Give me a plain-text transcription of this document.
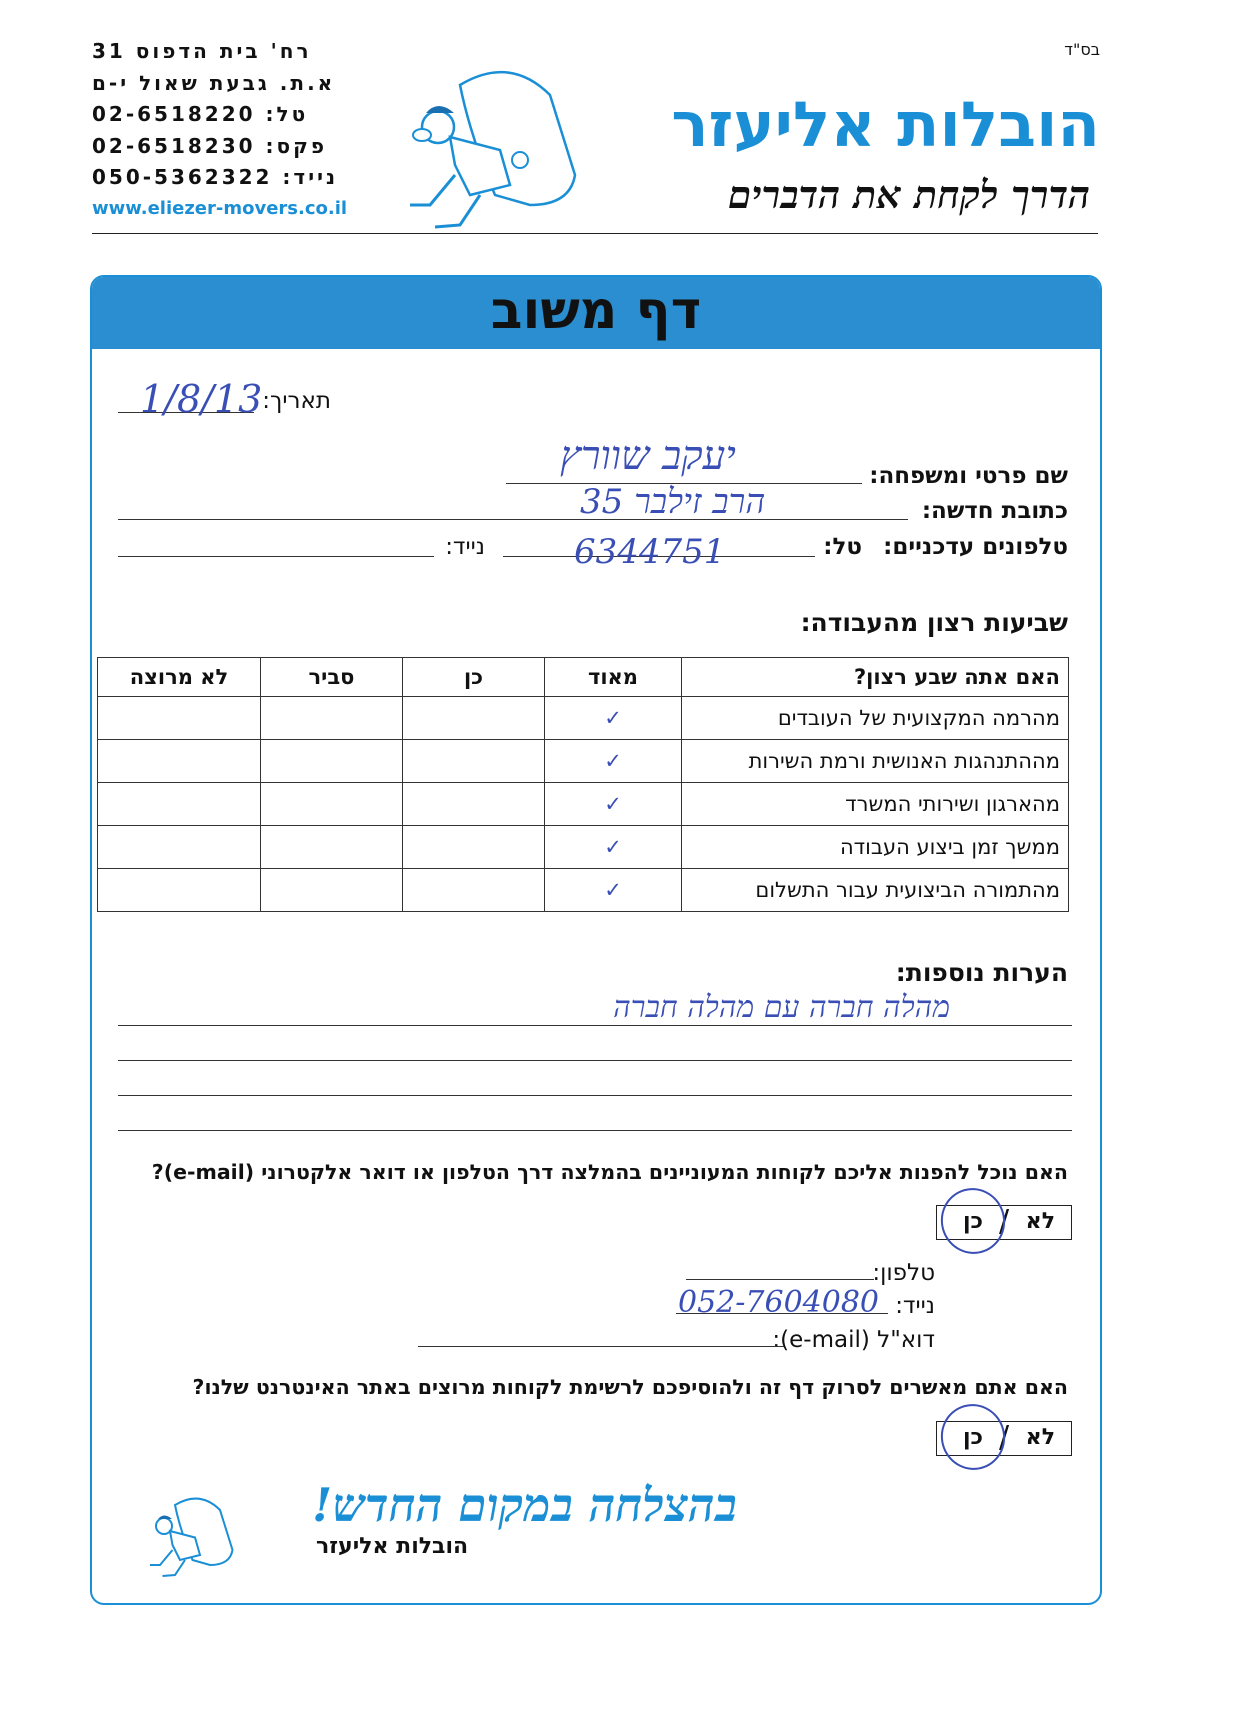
בס"ד
רח' בית הדפוס 31
א.ת. גבעת שאול י-ם
טל: 02-6518220
פקס: 02-6518230
נייד: 050-5362322
www.eliezer-movers.co.il
הובלות אליעזר
הדרך לקחת את הדברים
דף משוב
תאריך:
1/8/13
שם פרטי ומשפחה:
יעקב שוורץ
כתובת חדשה:
הרב זילבר 35
טלפונים עדכניים:
טל:
6344751
נייד:
שביעות רצון מהעבודה:
האם אתה שבע רצון?	מאוד	כן	סביר	לא מרוצה
מהרמה המקצועית של העובדים	✓			
מההתנהגות האנושית ורמת השירות	✓			
מהארגון ושירותי המשרד	✓			
ממשך זמן ביצוע העבודה	✓			
מהתמורה הביצועית עבור התשלום	✓			
הערות נוספות:
מהלה חברה עם מהלה חברה
האם נוכל להפנות אליכם לקוחות המעוניינים בהמלצה דרך הטלפון או דואר אלקטרוני (e-mail)?
לא
/
כן
טלפון:
נייד:
052-7604080
דוא"ל (e-mail):
האם אתם מאשרים לסרוק דף זה ולהוסיפכם לרשימת לקוחות מרוצים באתר האינטרנט שלנו?
לא
/
כן
בהצלחה במקום החדש!
הובלות אליעזר
